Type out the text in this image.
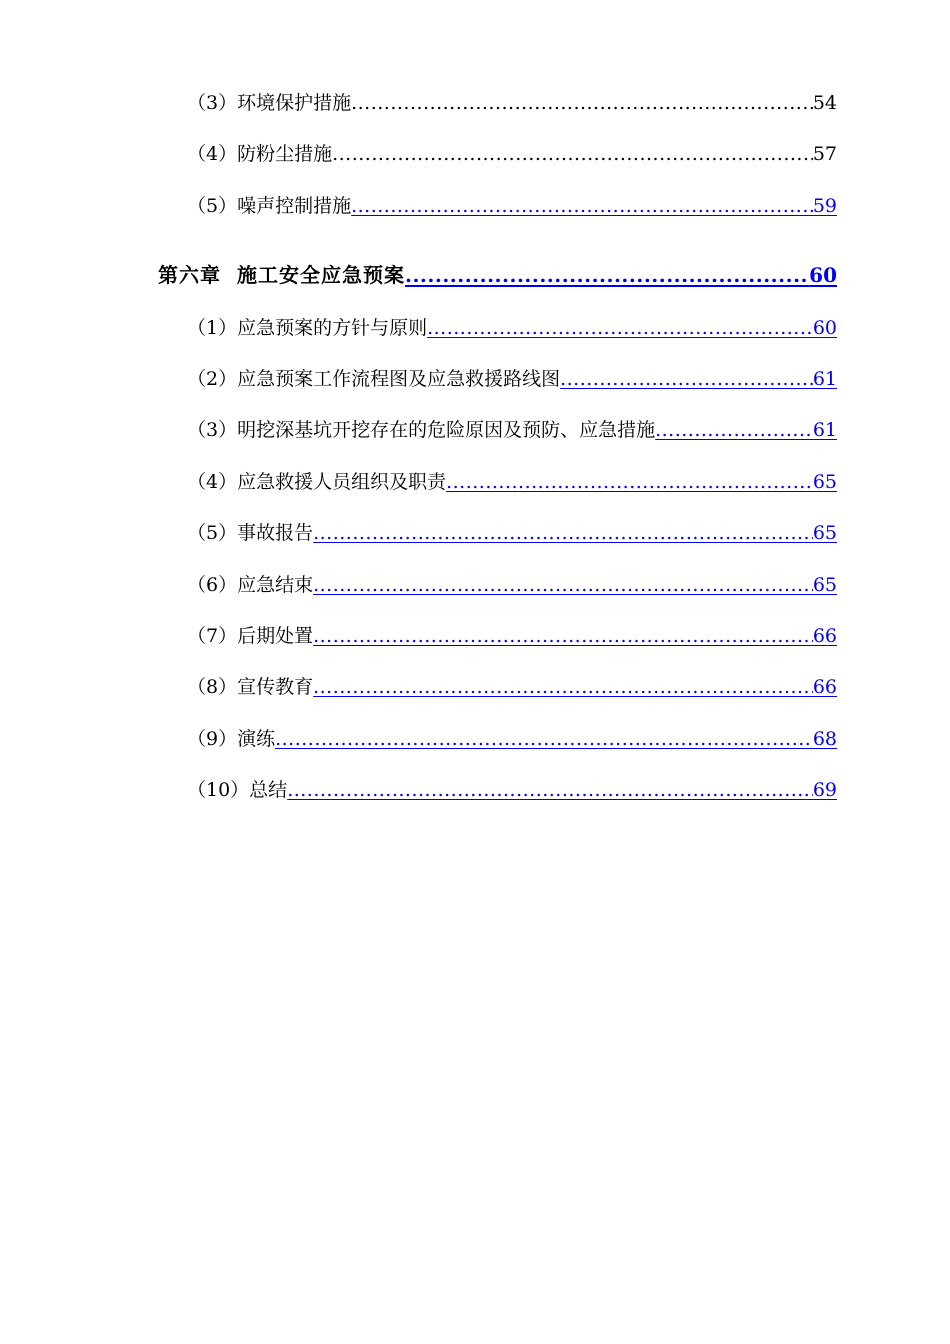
（3）环境保护措施 .....	54
（4）防粉尘措施 .....	57
（5）噪声控制措施 .....	59
第六章 施工安全应急预案 .....	60
（1）应急预案的方针与原则 .....	60
（2）应急预案工作流程图及应急救援路线图 .....	61
（3）明挖深基坑开挖存在的危险原因及预防、应急措施 .....	61
（4）应急救援人员组织及职责 .....	65
（5）事故报告 .....	65
（6）应急结束 .....	65
（7）后期处置 .....	66
（8）宣传教育 .....	66
（9）演练 .....	68
（10）总结 .....	69
